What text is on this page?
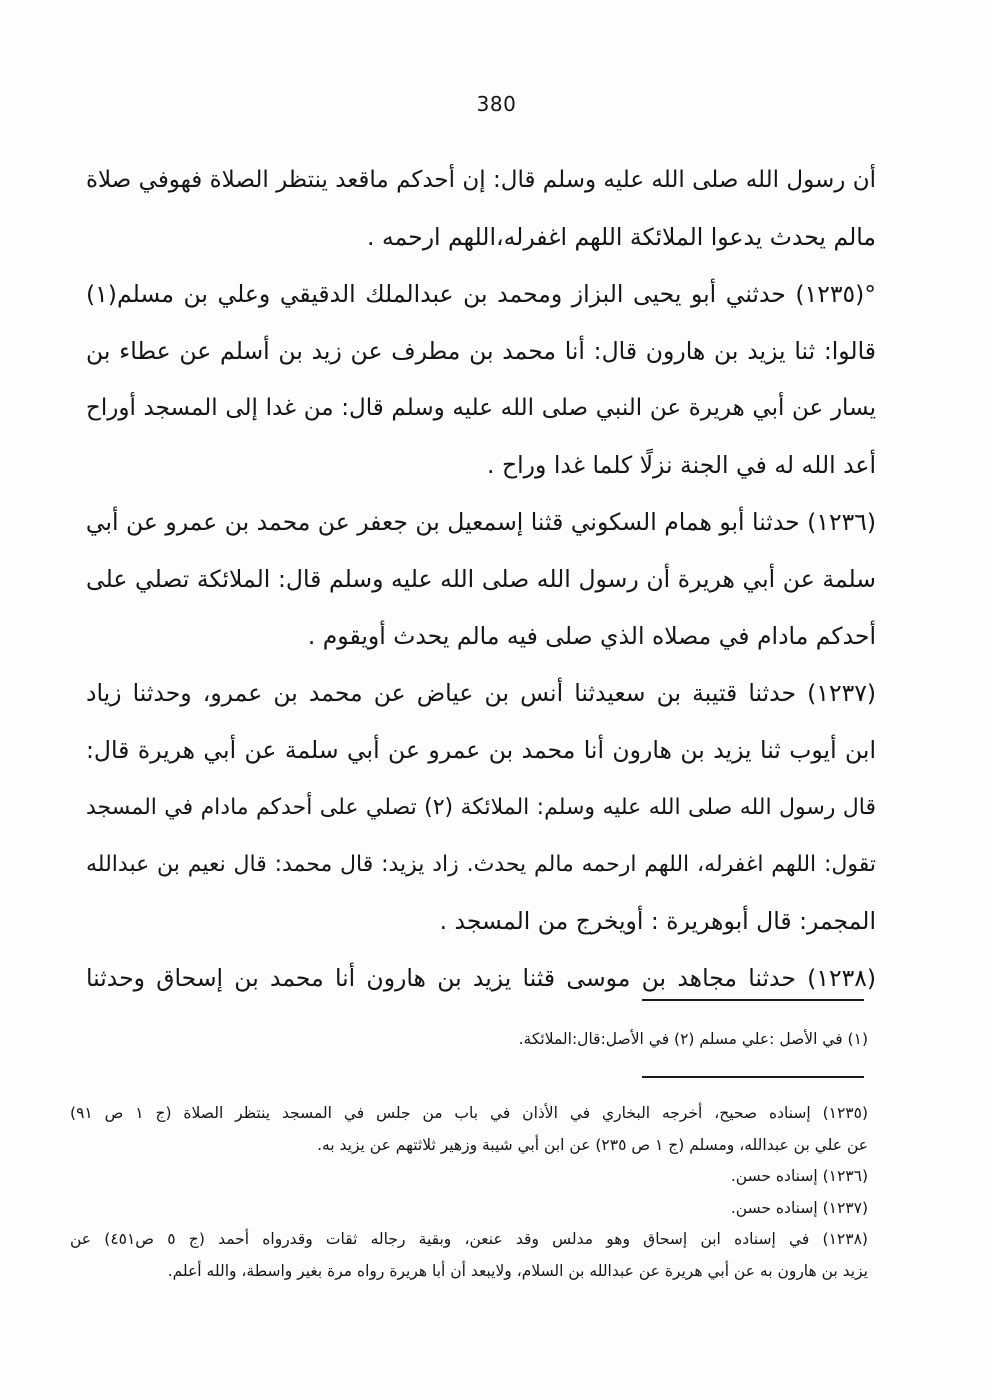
380
أن رسول الله صلى الله عليه وسلم قال: إن أحدكم ماقعد ينتظر الصلاة فهوفي صلاة
مالم يحدث يدعوا الملائكة اللهم اغفرله،اللهم ارحمه .
°(١٢٣٥) حدثني أبو يحيى البزاز ومحمد بن عبدالملك الدقيقي وعلي بن مسلم(١)
قالوا: ثنا يزيد بن هارون قال: أنا محمد بن مطرف عن زيد بن أسلم عن عطاء بن
يسار عن أبي هريرة عن النبي صلى الله عليه وسلم قال: من غدا إلى المسجد أوراح
أعد الله له في الجنة نزلًا كلما غدا وراح .
(١٢٣٦) حدثنا أبو همام السكوني قثنا إسمعيل بن جعفر عن محمد بن عمرو عن أبي
سلمة عن أبي هريرة أن رسول الله صلى الله عليه وسلم قال: الملائكة تصلي على
أحدكم مادام في مصلاه الذي صلى فيه مالم يحدث أويقوم .
(١٢٣٧) حدثنا قتيبة بن سعيدثنا أنس بن عياض عن محمد بن عمرو، وحدثنا زياد
ابن أيوب ثنا يزيد بن هارون أنا محمد بن عمرو عن أبي سلمة عن أبي هريرة قال:
قال رسول الله صلى الله عليه وسلم: الملائكة (٢) تصلي على أحدكم مادام في المسجد
تقول: اللهم اغفرله، اللهم ارحمه مالم يحدث. زاد يزيد: قال محمد: قال نعيم بن عبدالله
المجمر: قال أبوهريرة : أويخرج من المسجد .
(١٢٣٨) حدثنا مجاهد بن موسى قثنا يزيد بن هارون أنا محمد بن إسحاق وحدثنا
(١) في الأصل :علي مسلم (٢) في الأصل:قال:الملائكة.
(١٢٣٥) إسناده صحيح، أخرجه البخاري في الأذان في باب من جلس في المسجد ينتظر الصلاة (ج ١ ص ٩١)
عن علي بن عبدالله، ومسلم (ج ١ ص ٢٣٥) عن ابن أبي شيبة وزهير ثلاثتهم عن يزيد به.
(١٢٣٦) إسناده حسن.
(١٢٣٧) إسناده حسن.
(١٢٣٨) في إسناده ابن إسحاق وهو مدلس وقد عنعن، وبقية رجاله ثقات وقدرواه أحمد (ج ٥ ص٤٥١) عن
يزيد بن هارون به عن أبي هريرة عن عبدالله بن السلام، ولايبعد أن أبا هريرة رواه مرة بغير واسطة، والله أعلم.
